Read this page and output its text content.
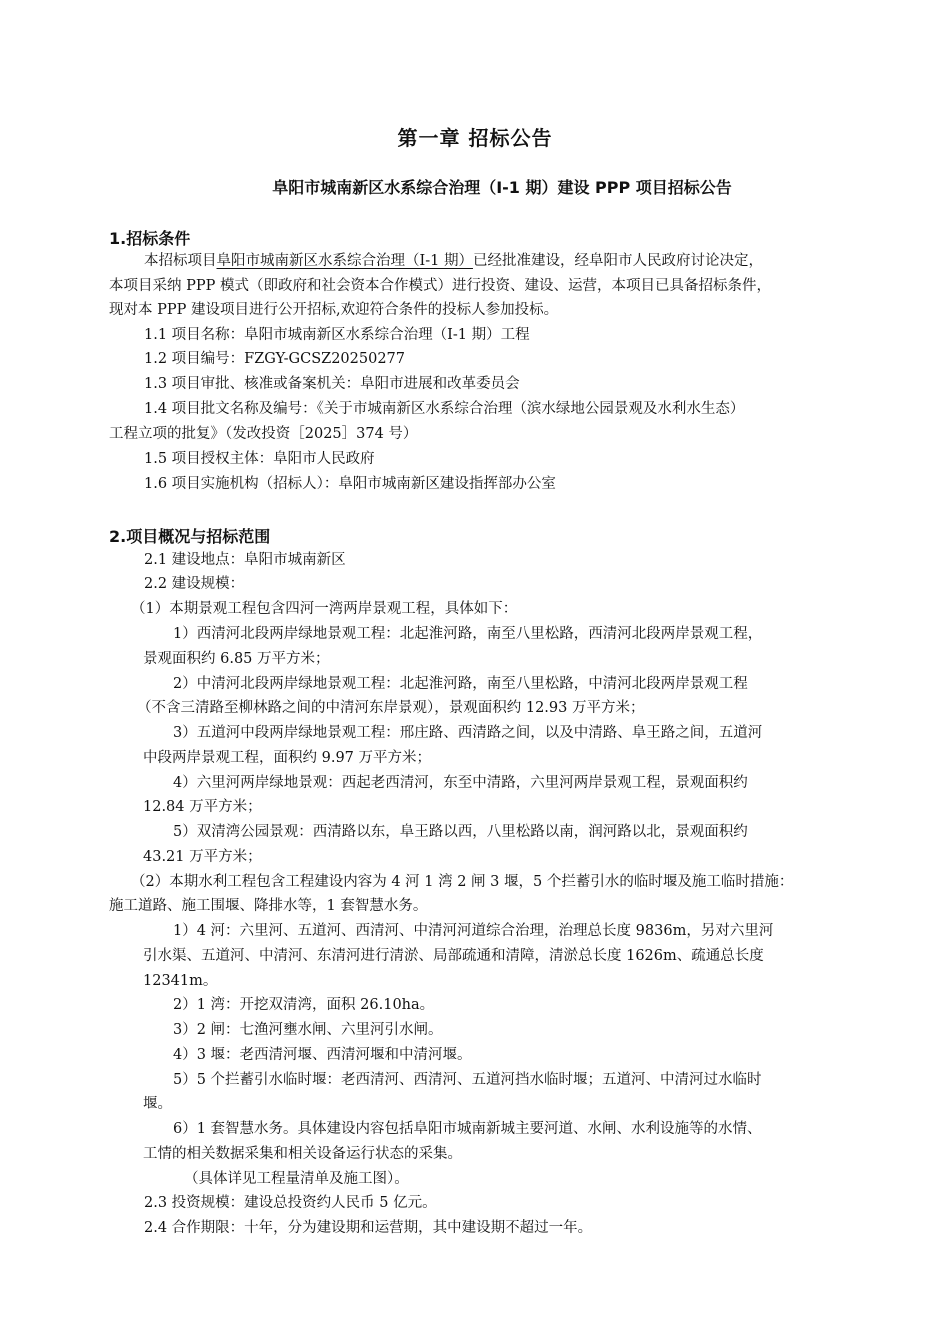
第一章 招标公告
阜阳市城南新区水系综合治理（Ⅰ-1 期）建设 PPP 项目招标公告
1.招标条件
本招标项目阜阳市城南新区水系综合治理（Ⅰ-1 期）已经批准建设，经阜阳市人民政府讨论决定，
本项目采纳 PPP 模式（即政府和社会资本合作模式）进行投资、建设、运营，本项目已具备招标条件，
现对本 PPP 建设项目进行公开招标,欢迎符合条件的投标人参加投标。
1.1 项目名称：阜阳市城南新区水系综合治理（Ⅰ-1 期）工程
1.2 项目编号：FZGY-GCSZ20250277
1.3 项目审批、核准或备案机关：阜阳市进展和改革委员会
1.4 项目批文名称及编号：《关于市城南新区水系综合治理（滨水绿地公园景观及水利水生态）
工程立项的批复》（发改投资［2025］374 号）
1.5 项目授权主体：阜阳市人民政府
1.6 项目实施机构（招标人）：阜阳市城南新区建设指挥部办公室
2.项目概况与招标范围
2.1 建设地点：阜阳市城南新区
2.2 建设规模：
（1）本期景观工程包含四河一湾两岸景观工程，具体如下：
1）西清河北段两岸绿地景观工程：北起淮河路，南至八里松路，西清河北段两岸景观工程，
景观面积约 6.85 万平方米；
2）中清河北段两岸绿地景观工程：北起淮河路，南至八里松路，中清河北段两岸景观工程
（不含三清路至柳林路之间的中清河东岸景观），景观面积约 12.93 万平方米；
3）五道河中段两岸绿地景观工程：邢庄路、西清路之间，以及中清路、阜王路之间，五道河
中段两岸景观工程，面积约 9.97 万平方米；
4）六里河两岸绿地景观：西起老西清河，东至中清路，六里河两岸景观工程，景观面积约
12.84 万平方米；
5）双清湾公园景观：西清路以东，阜王路以西，八里松路以南，润河路以北，景观面积约
43.21 万平方米；
（2）本期水利工程包含工程建设内容为 4 河 1 湾 2 闸 3 堰，5 个拦蓄引水的临时堰及施工临时措施：
施工道路、施工围堰、降排水等，1 套智慧水务。
1）4 河：六里河、五道河、西清河、中清河河道综合治理，治理总长度 9836m，另对六里河
引水渠、五道河、中清河、东清河进行清淤、局部疏通和清障，清淤总长度 1626m、疏通总长度
12341m。
2）1 湾：开挖双清湾，面积 26.10ha。
3）2 闸：七渔河壅水闸、六里河引水闸。
4）3 堰：老西清河堰、西清河堰和中清河堰。
5）5 个拦蓄引水临时堰：老西清河、西清河、五道河挡水临时堰；五道河、中清河过水临时
堰。
6）1 套智慧水务。具体建设内容包括阜阳市城南新城主要河道、水闸、水利设施等的水情、
工情的相关数据采集和相关设备运行状态的采集。
（具体详见工程量清单及施工图）。
2.3 投资规模：建设总投资约人民币 5 亿元。
2.4 合作期限：十年，分为建设期和运营期，其中建设期不超过一年。
